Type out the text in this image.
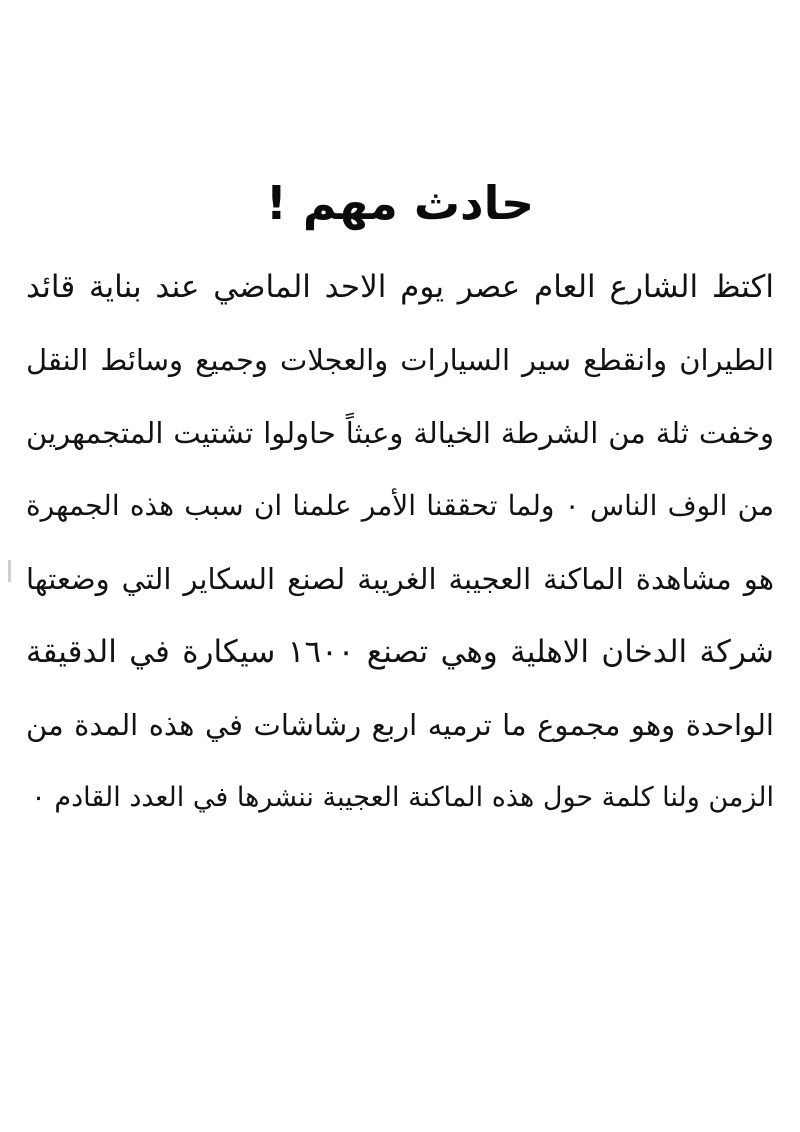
حادث مهم !
اكتظ الشارع العام عصر يوم الاحد الماضي عند بناية قائد
الطيران وانقطع سير السيارات والعجلات وجميع وسائط النقل
وخفت ثلة من الشرطة الخيالة وعبثاً حاولوا تشتيت المتجمهرين
من الوف الناس ٠ ولما تحققنا الأمر علمنا ان سبب هذه الجمهرة
هو مشاهدة الماكنة العجيبة الغريبة لصنع السكاير التي وضعتها
شركة الدخان الاهلية وهي تصنع ١٦٠٠ سيكارة في الدقيقة
الواحدة وهو مجموع ما ترميه اربع رشاشات في هذه المدة من
الزمن ولنا كلمة حول هذه الماكنة العجيبة ننشرها في العدد القادم ٠
